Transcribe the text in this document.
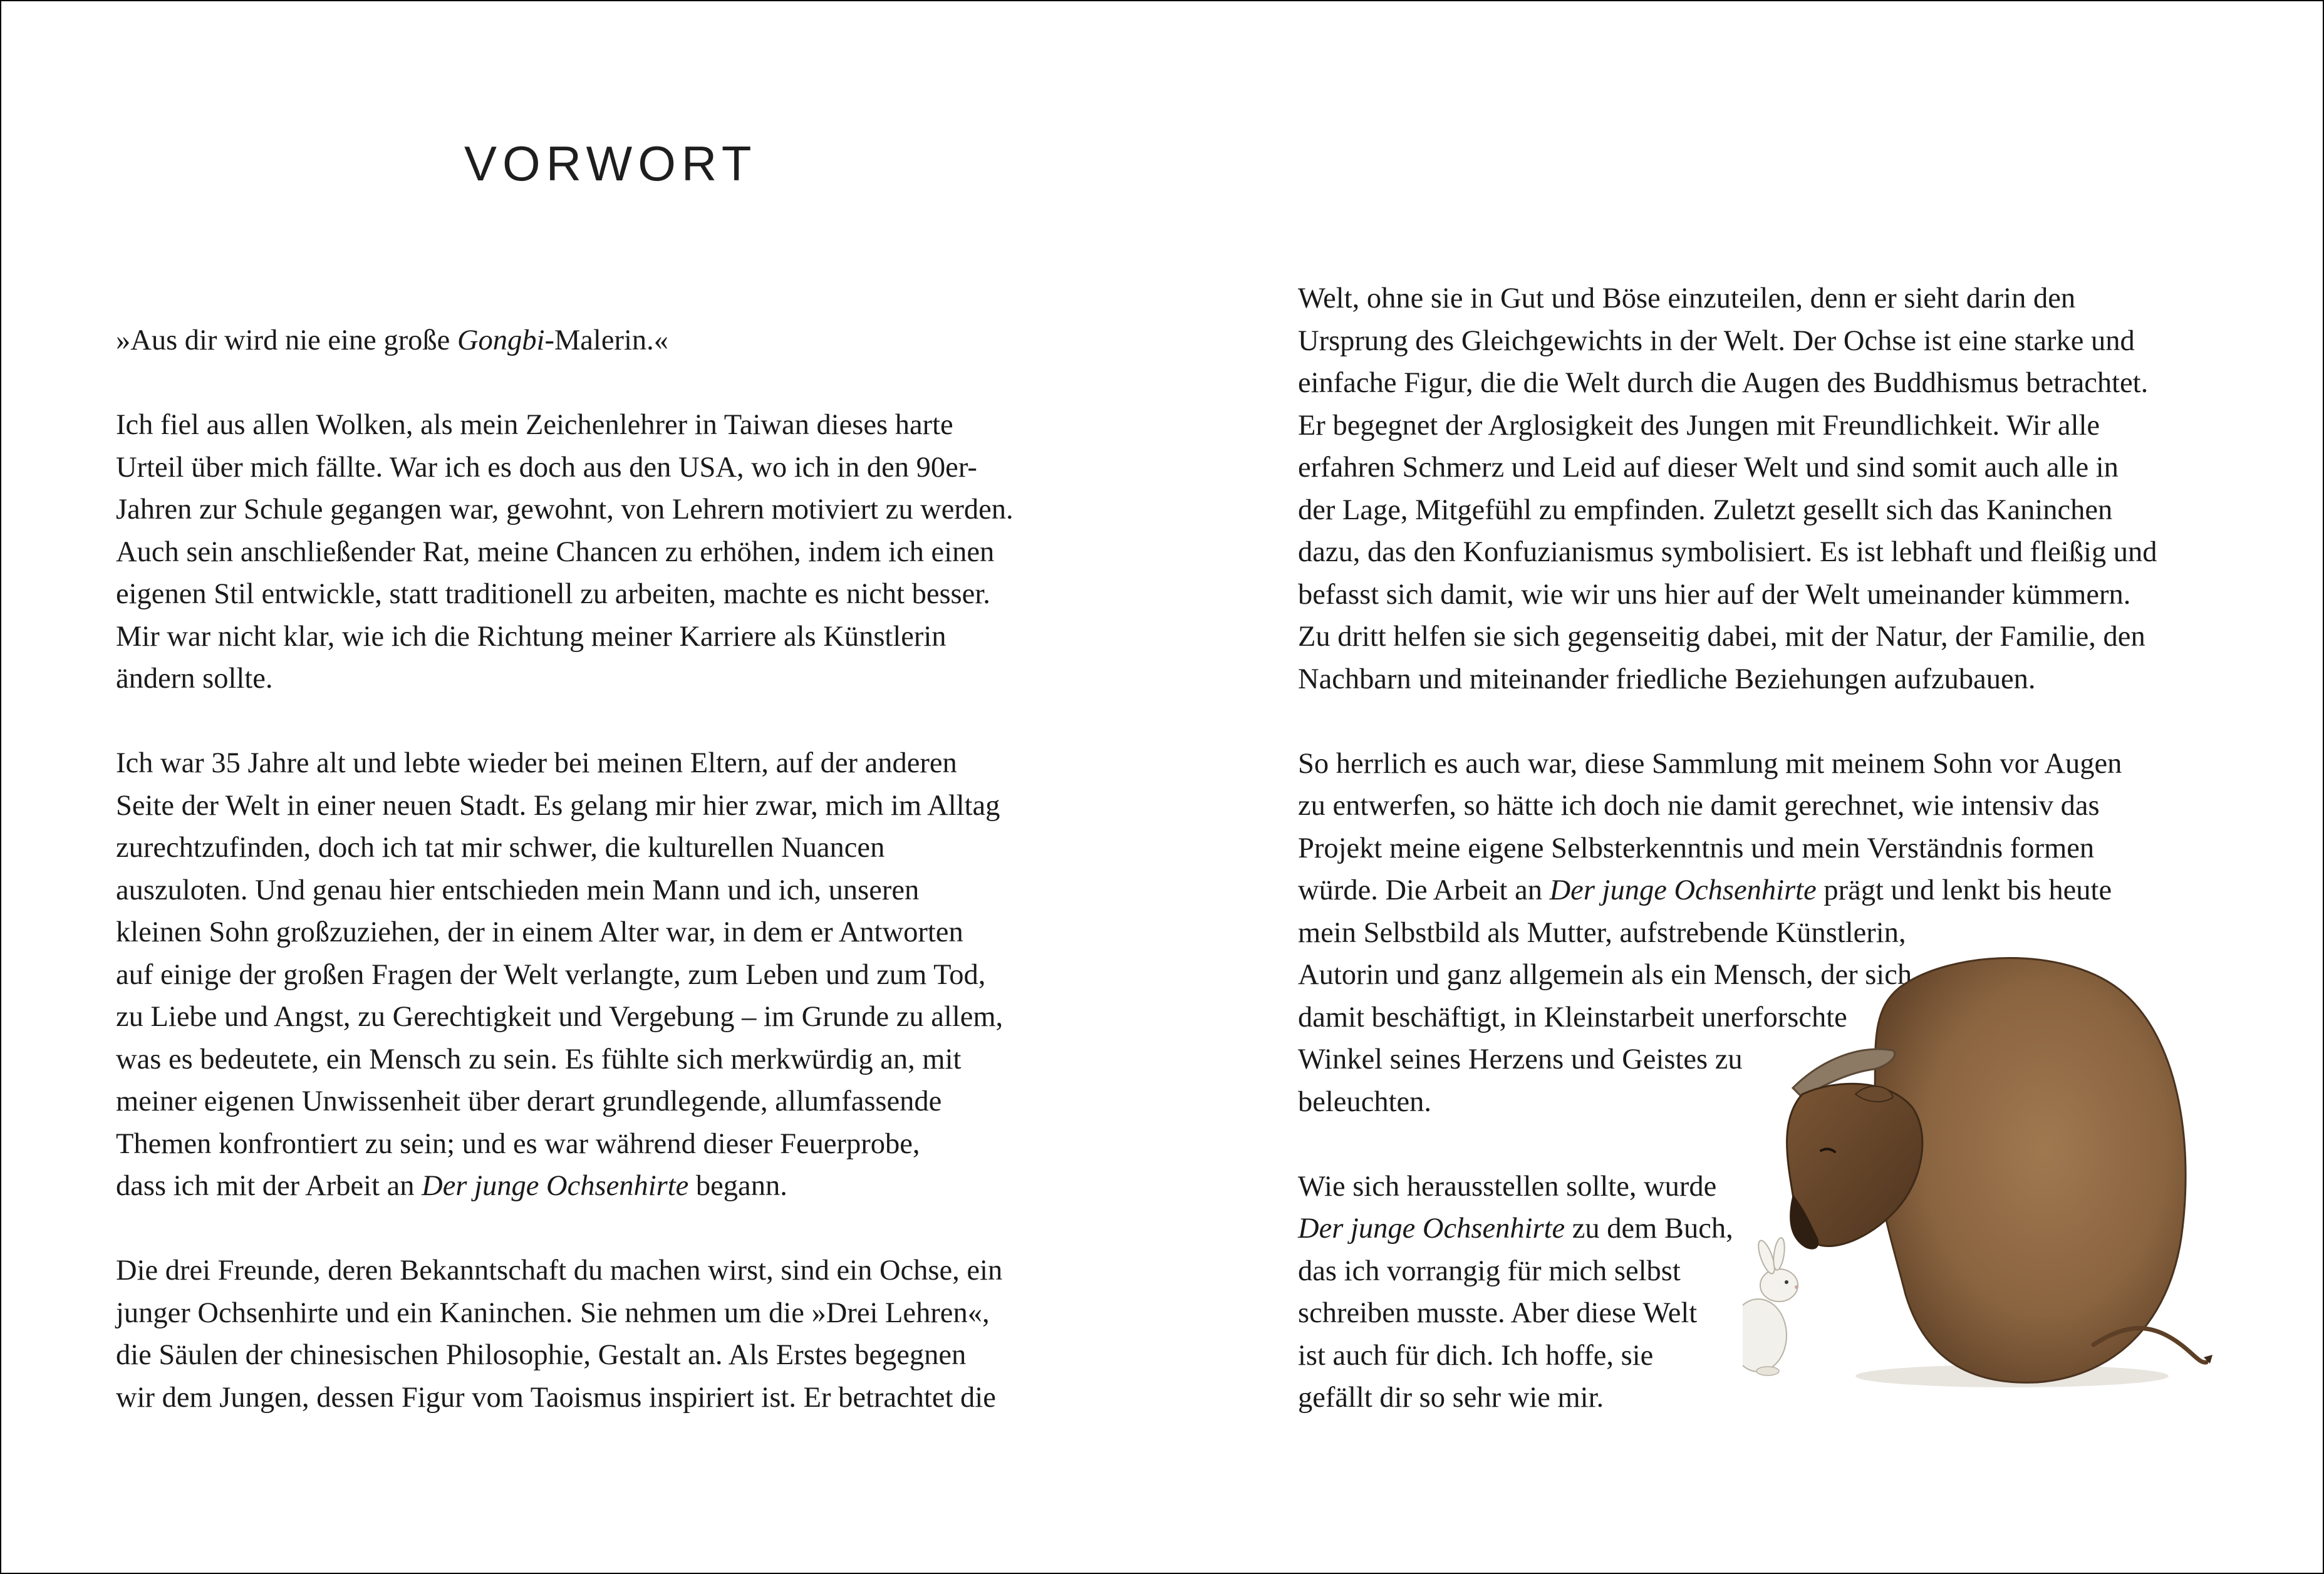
VORWORT
»Aus dir wird nie eine große Gongbi-Malerin.«
Ich fiel aus allen Wolken, als mein Zeichenlehrer in Taiwan dieses harte
Urteil über mich fällte. War ich es doch aus den USA, wo ich in den 90er-
Jahren zur Schule gegangen war, gewohnt, von Lehrern motiviert zu werden.
Auch sein anschließender Rat, meine Chancen zu erhöhen, indem ich einen
eigenen Stil entwickle, statt traditionell zu arbeiten, machte es nicht besser.
Mir war nicht klar, wie ich die Richtung meiner Karriere als Künstlerin
ändern sollte.
Ich war 35 Jahre alt und lebte wieder bei meinen Eltern, auf der anderen
Seite der Welt in einer neuen Stadt. Es gelang mir hier zwar, mich im Alltag
zurechtzufinden, doch ich tat mir schwer, die kulturellen Nuancen
auszuloten. Und genau hier entschieden mein Mann und ich, unseren
kleinen Sohn großzuziehen, der in einem Alter war, in dem er Antworten
auf einige der großen Fragen der Welt verlangte, zum Leben und zum Tod,
zu Liebe und Angst, zu Gerechtigkeit und Vergebung – im Grunde zu allem,
was es bedeutete, ein Mensch zu sein. Es fühlte sich merkwürdig an, mit
meiner eigenen Unwissenheit über derart grundlegende, allumfassende
Themen konfrontiert zu sein; und es war während dieser Feuerprobe,
dass ich mit der Arbeit an Der junge Ochsenhirte begann.
Die drei Freunde, deren Bekanntschaft du machen wirst, sind ein Ochse, ein
junger Ochsenhirte und ein Kaninchen. Sie nehmen um die »Drei Lehren«,
die Säulen der chinesischen Philosophie, Gestalt an. Als Erstes begegnen
wir dem Jungen, dessen Figur vom Taoismus inspiriert ist. Er betrachtet die
Welt, ohne sie in Gut und Böse einzuteilen, denn er sieht darin den
Ursprung des Gleichgewichts in der Welt. Der Ochse ist eine starke und
einfache Figur, die die Welt durch die Augen des Buddhismus betrachtet.
Er begegnet der Arglosigkeit des Jungen mit Freundlichkeit. Wir alle
erfahren Schmerz und Leid auf dieser Welt und sind somit auch alle in
der Lage, Mitgefühl zu empfinden. Zuletzt gesellt sich das Kaninchen
dazu, das den Konfuzianismus symbolisiert. Es ist lebhaft und fleißig und
befasst sich damit, wie wir uns hier auf der Welt umeinander kümmern.
Zu dritt helfen sie sich gegenseitig dabei, mit der Natur, der Familie, den
Nachbarn und miteinander friedliche Beziehungen aufzubauen.
So herrlich es auch war, diese Sammlung mit meinem Sohn vor Augen
zu entwerfen, so hätte ich doch nie damit gerechnet, wie intensiv das
Projekt meine eigene Selbsterkenntnis und mein Verständnis formen
würde. Die Arbeit an Der junge Ochsenhirte prägt und lenkt bis heute
mein Selbstbild als Mutter, aufstrebende Künstlerin,
Autorin und ganz allgemein als ein Mensch, der sich
damit beschäftigt, in Kleinstarbeit unerforschte
Winkel seines Herzens und Geistes zu
beleuchten.
Wie sich herausstellen sollte, wurde
Der junge Ochsenhirte zu dem Buch,
das ich vorrangig für mich selbst
schreiben musste. Aber diese Welt
ist auch für dich. Ich hoffe, sie
gefällt dir so sehr wie mir.
